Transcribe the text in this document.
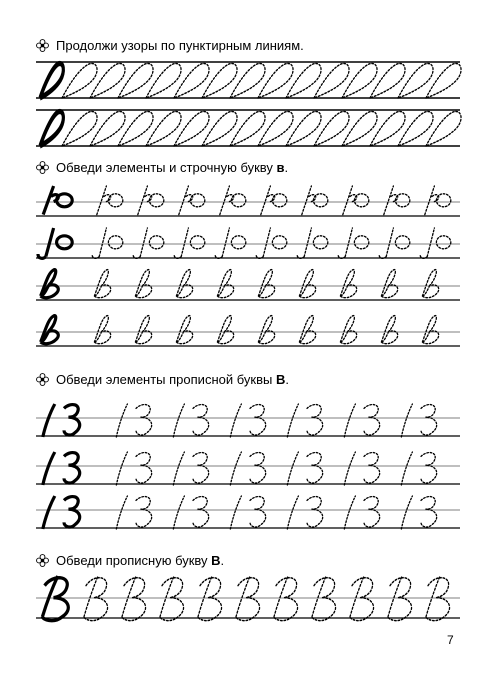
Продолжи узоры по пунктирным линиям.
Обведи элементы и строчную букву в.
Обведи элементы прописной буквы В.
Обведи прописную букву В.
7
